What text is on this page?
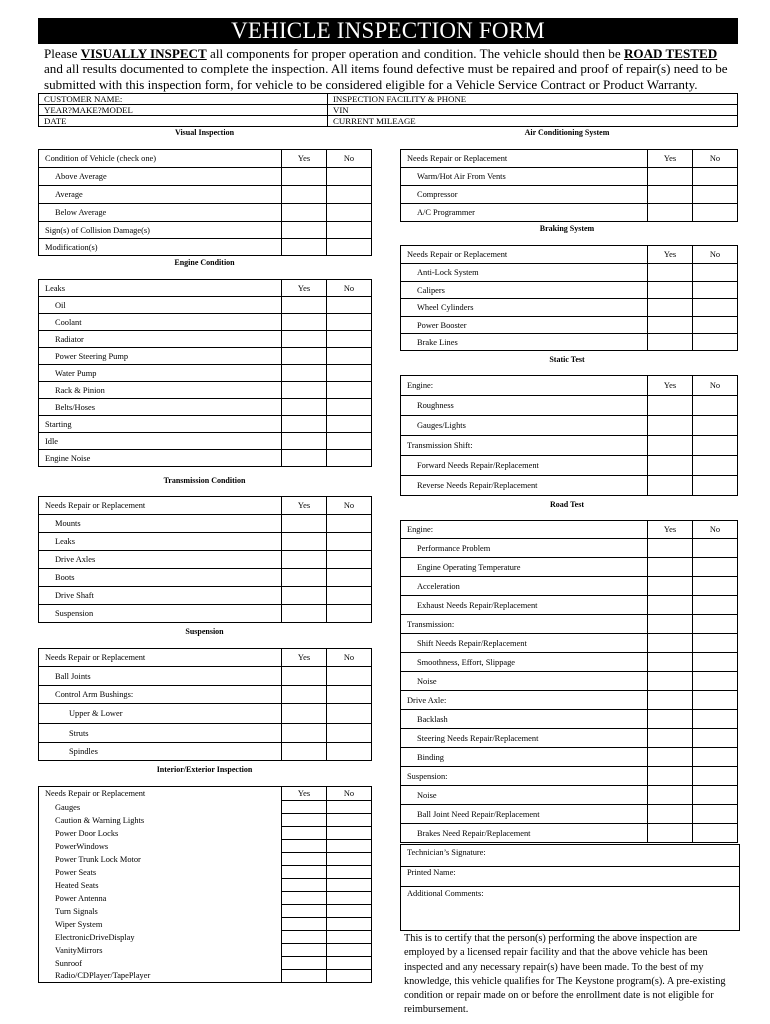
VEHICLE INSPECTION FORM
Please VISUALLY INSPECT all components for proper operation and condition. The vehicle should then be ROAD TESTED and all results documented to complete the inspection. All items found defective must be repaired and proof of repair(s) need to be submitted with this inspection form, for vehicle to be considered eligible for a Vehicle Service Contract or Product Warranty.
CUSTOMER NAME:	INSPECTION FACILITY & PHONE
YEAR?MAKE?MODEL	VIN
DATE	CURRENT MILEAGE
Visual Inspection
Condition of Vehicle (check one)	Yes	No
Above Average		
Average		
Below Average		
Sign(s) of Collision Damage(s)		
Modification(s)		
Engine Condition
Leaks	Yes	No
Oil		
Coolant		
Radiator		
Power Steering Pump		
Water Pump		
Rack & Pinion		
Belts/Hoses		
Starting		
Idle		
Engine Noise		
Transmission Condition
Needs Repair or Replacement	Yes	No
Mounts		
Leaks		
Drive Axles		
Boots		
Drive Shaft		
Suspension		
Suspension
Needs Repair or Replacement	Yes	No
Ball Joints		
Control Arm Bushings:		
Upper & Lower		
Struts		
Spindles		
Interior/Exterior Inspection
Needs Repair or Replacement	Yes	No
Gauges		
Caution & Warning Lights		
Power Door Locks		
PowerWindows		
Power Trunk Lock Motor		
Power Seats		
Heated Seats		
Power Antenna		
Turn Signals		
Wiper System		
ElectronicDriveDisplay		
VanityMirrors		
Sunroof		
Radio/CDPlayer/TapePlayer		
Air Conditioning System
Needs Repair or Replacement	Yes	No
Warm/Hot Air From Vents		
Compressor		
A/C Programmer		
Braking System
Needs Repair or Replacement	Yes	No
Anti-Lock System		
Calipers		
Wheel Cylinders		
Power Booster		
Brake Lines		
Static Test
Engine:	Yes	No
Roughness		
Gauges/Lights		
Transmission Shift:		
Forward Needs Repair/Replacement		
Reverse Needs Repair/Replacement		
Road Test
Engine:	Yes	No
Performance Problem		
Engine Operating Temperature		
Acceleration		
Exhaust Needs Repair/Replacement		
Transmission:		
Shift Needs Repair/Replacement		
Smoothness, Effort, Slippage		
Noise		
Drive Axle:		
Backlash		
Steering Needs Repair/Replacement		
Binding		
Suspension:		
Noise		
Ball Joint Need Repair/Replacement		
Brakes Need Repair/Replacement		
Technician’s Signature:
Printed Name:
Additional Comments:
This is to certify that the person(s) performing the above inspection are employed by a licensed repair facility and that the above vehicle has been inspected and any necessary repair(s) have been made. To the best of my knowledge, this vehicle qualifies for The Keystone program(s). A pre-existing condition or repair made on or before the enrollment date is not eligible for reimbursement.
